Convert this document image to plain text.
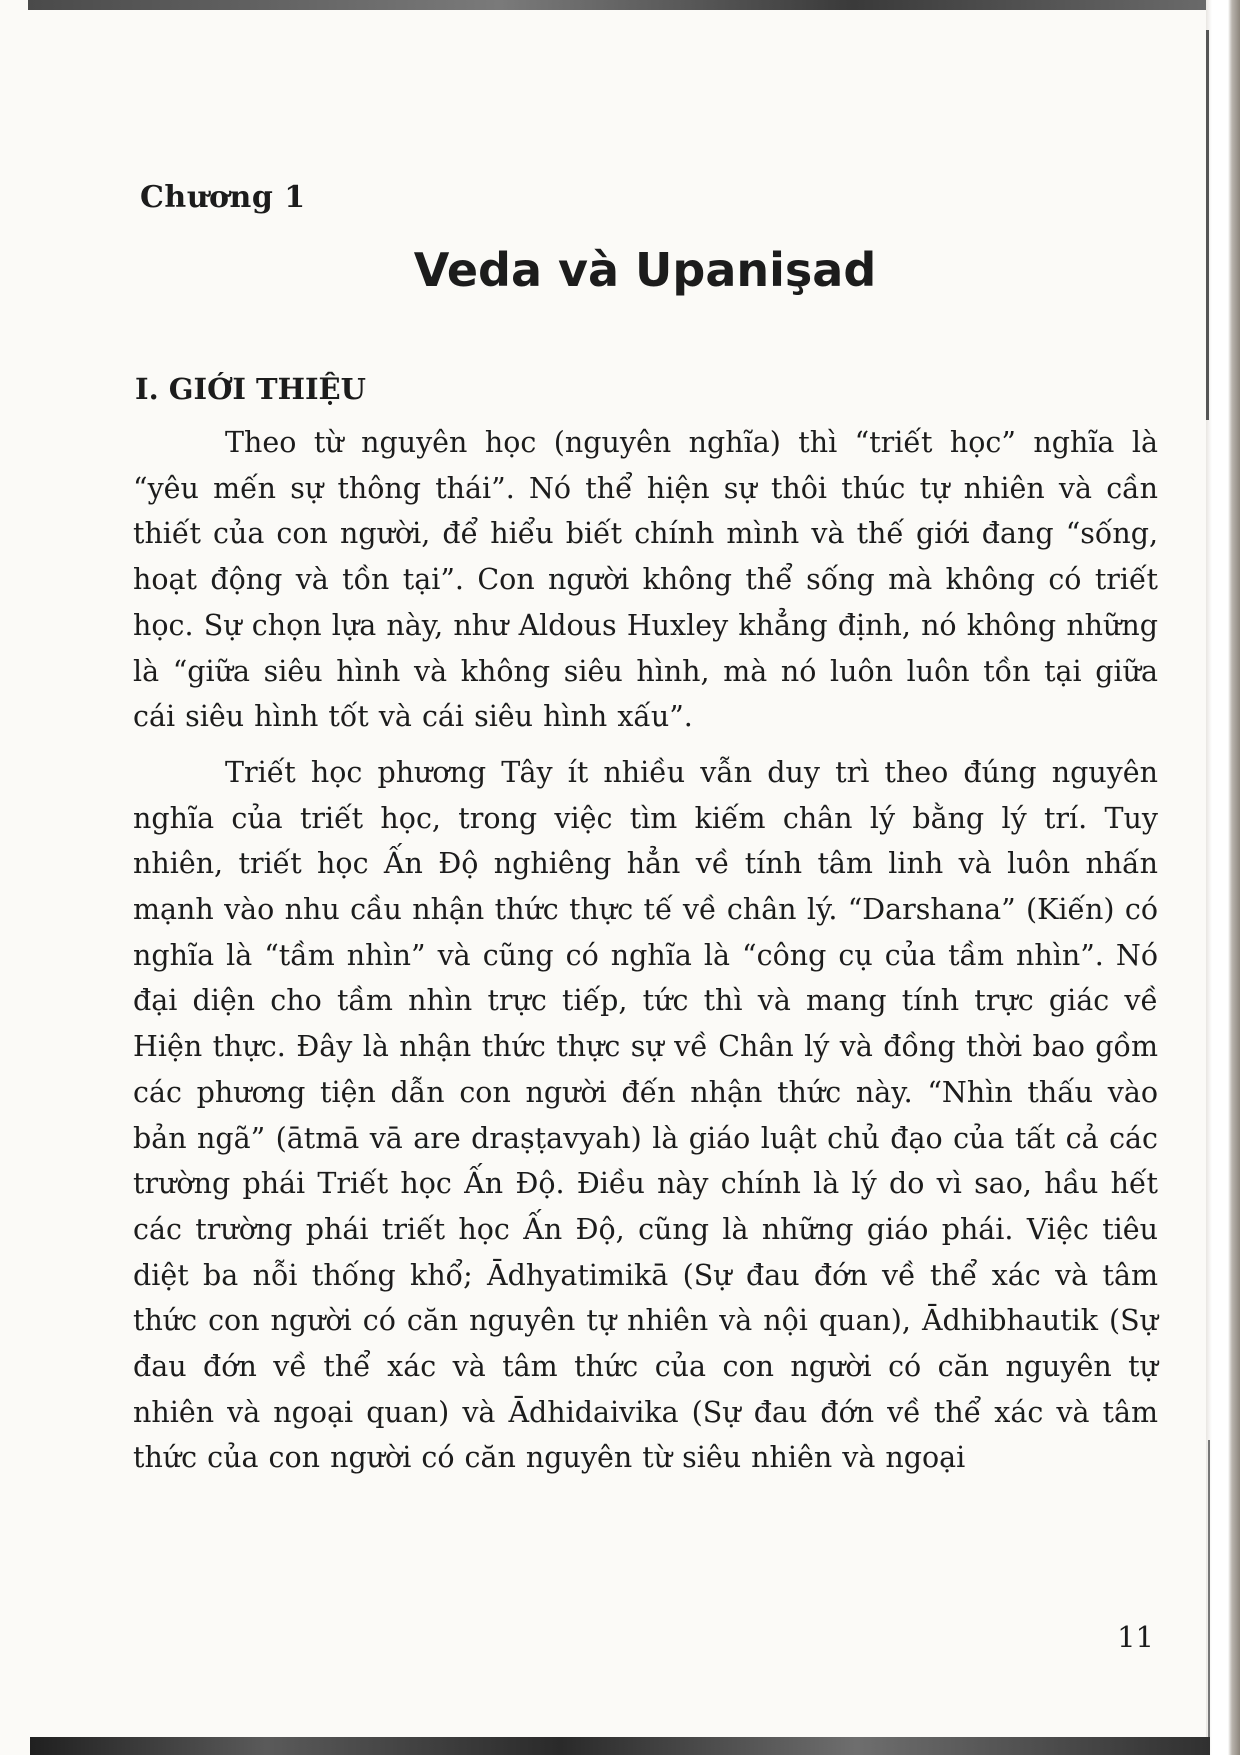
Chương 1
Veda và Upanişad
I. GIỚI THIỆU

Theo từ nguyên học (nguyên nghĩa) thì “triết học” nghĩa là “yêu mến sự thông thái”. Nó thể hiện sự thôi thúc tự nhiên và cần thiết của con người, để hiểu biết chính mình và thế giới đang “sống, hoạt động và tồn tại”. Con người không thể sống mà không có triết học. Sự chọn lựa này, như Aldous Huxley khẳng định, nó không những là “giữa siêu hình và không siêu hình, mà nó luôn luôn tồn tại giữa cái siêu hình tốt và cái siêu hình xấu”.

Triết học phương Tây ít nhiều vẫn duy trì theo đúng nguyên nghĩa của triết học, trong việc tìm kiếm chân lý bằng lý trí. Tuy nhiên, triết học Ấn Độ nghiêng hẳn về tính tâm linh và luôn nhấn mạnh vào nhu cầu nhận thức thực tế về chân lý. “Darshana” (Kiến) có nghĩa là “tầm nhìn” và cũng có nghĩa là “công cụ của tầm nhìn”. Nó đại diện cho tầm nhìn trực tiếp, tức thì và mang tính trực giác về Hiện thực. Đây là nhận thức thực sự về Chân lý và đồng thời bao gồm các phương tiện dẫn con người đến nhận thức này. “Nhìn thấu vào bản ngã” (ātmā vā are draṣṭavyah) là giáo luật chủ đạo của tất cả các trường phái Triết học Ấn Độ. Điều này chính là lý do vì sao, hầu hết các trường phái triết học Ấn Độ, cũng là những giáo phái. Việc tiêu diệt ba nỗi thống khổ; Ādhyatimikā (Sự đau đớn về thể xác và tâm thức con người có căn nguyên tự nhiên và nội quan), Ādhibhautik (Sự đau đớn về thể xác và tâm thức của con người có căn nguyên tự nhiên và ngoại quan) và Ādhidaivika (Sự đau đớn về thể xác và tâm thức của con người có căn nguyên từ siêu nhiên và ngoại

11
